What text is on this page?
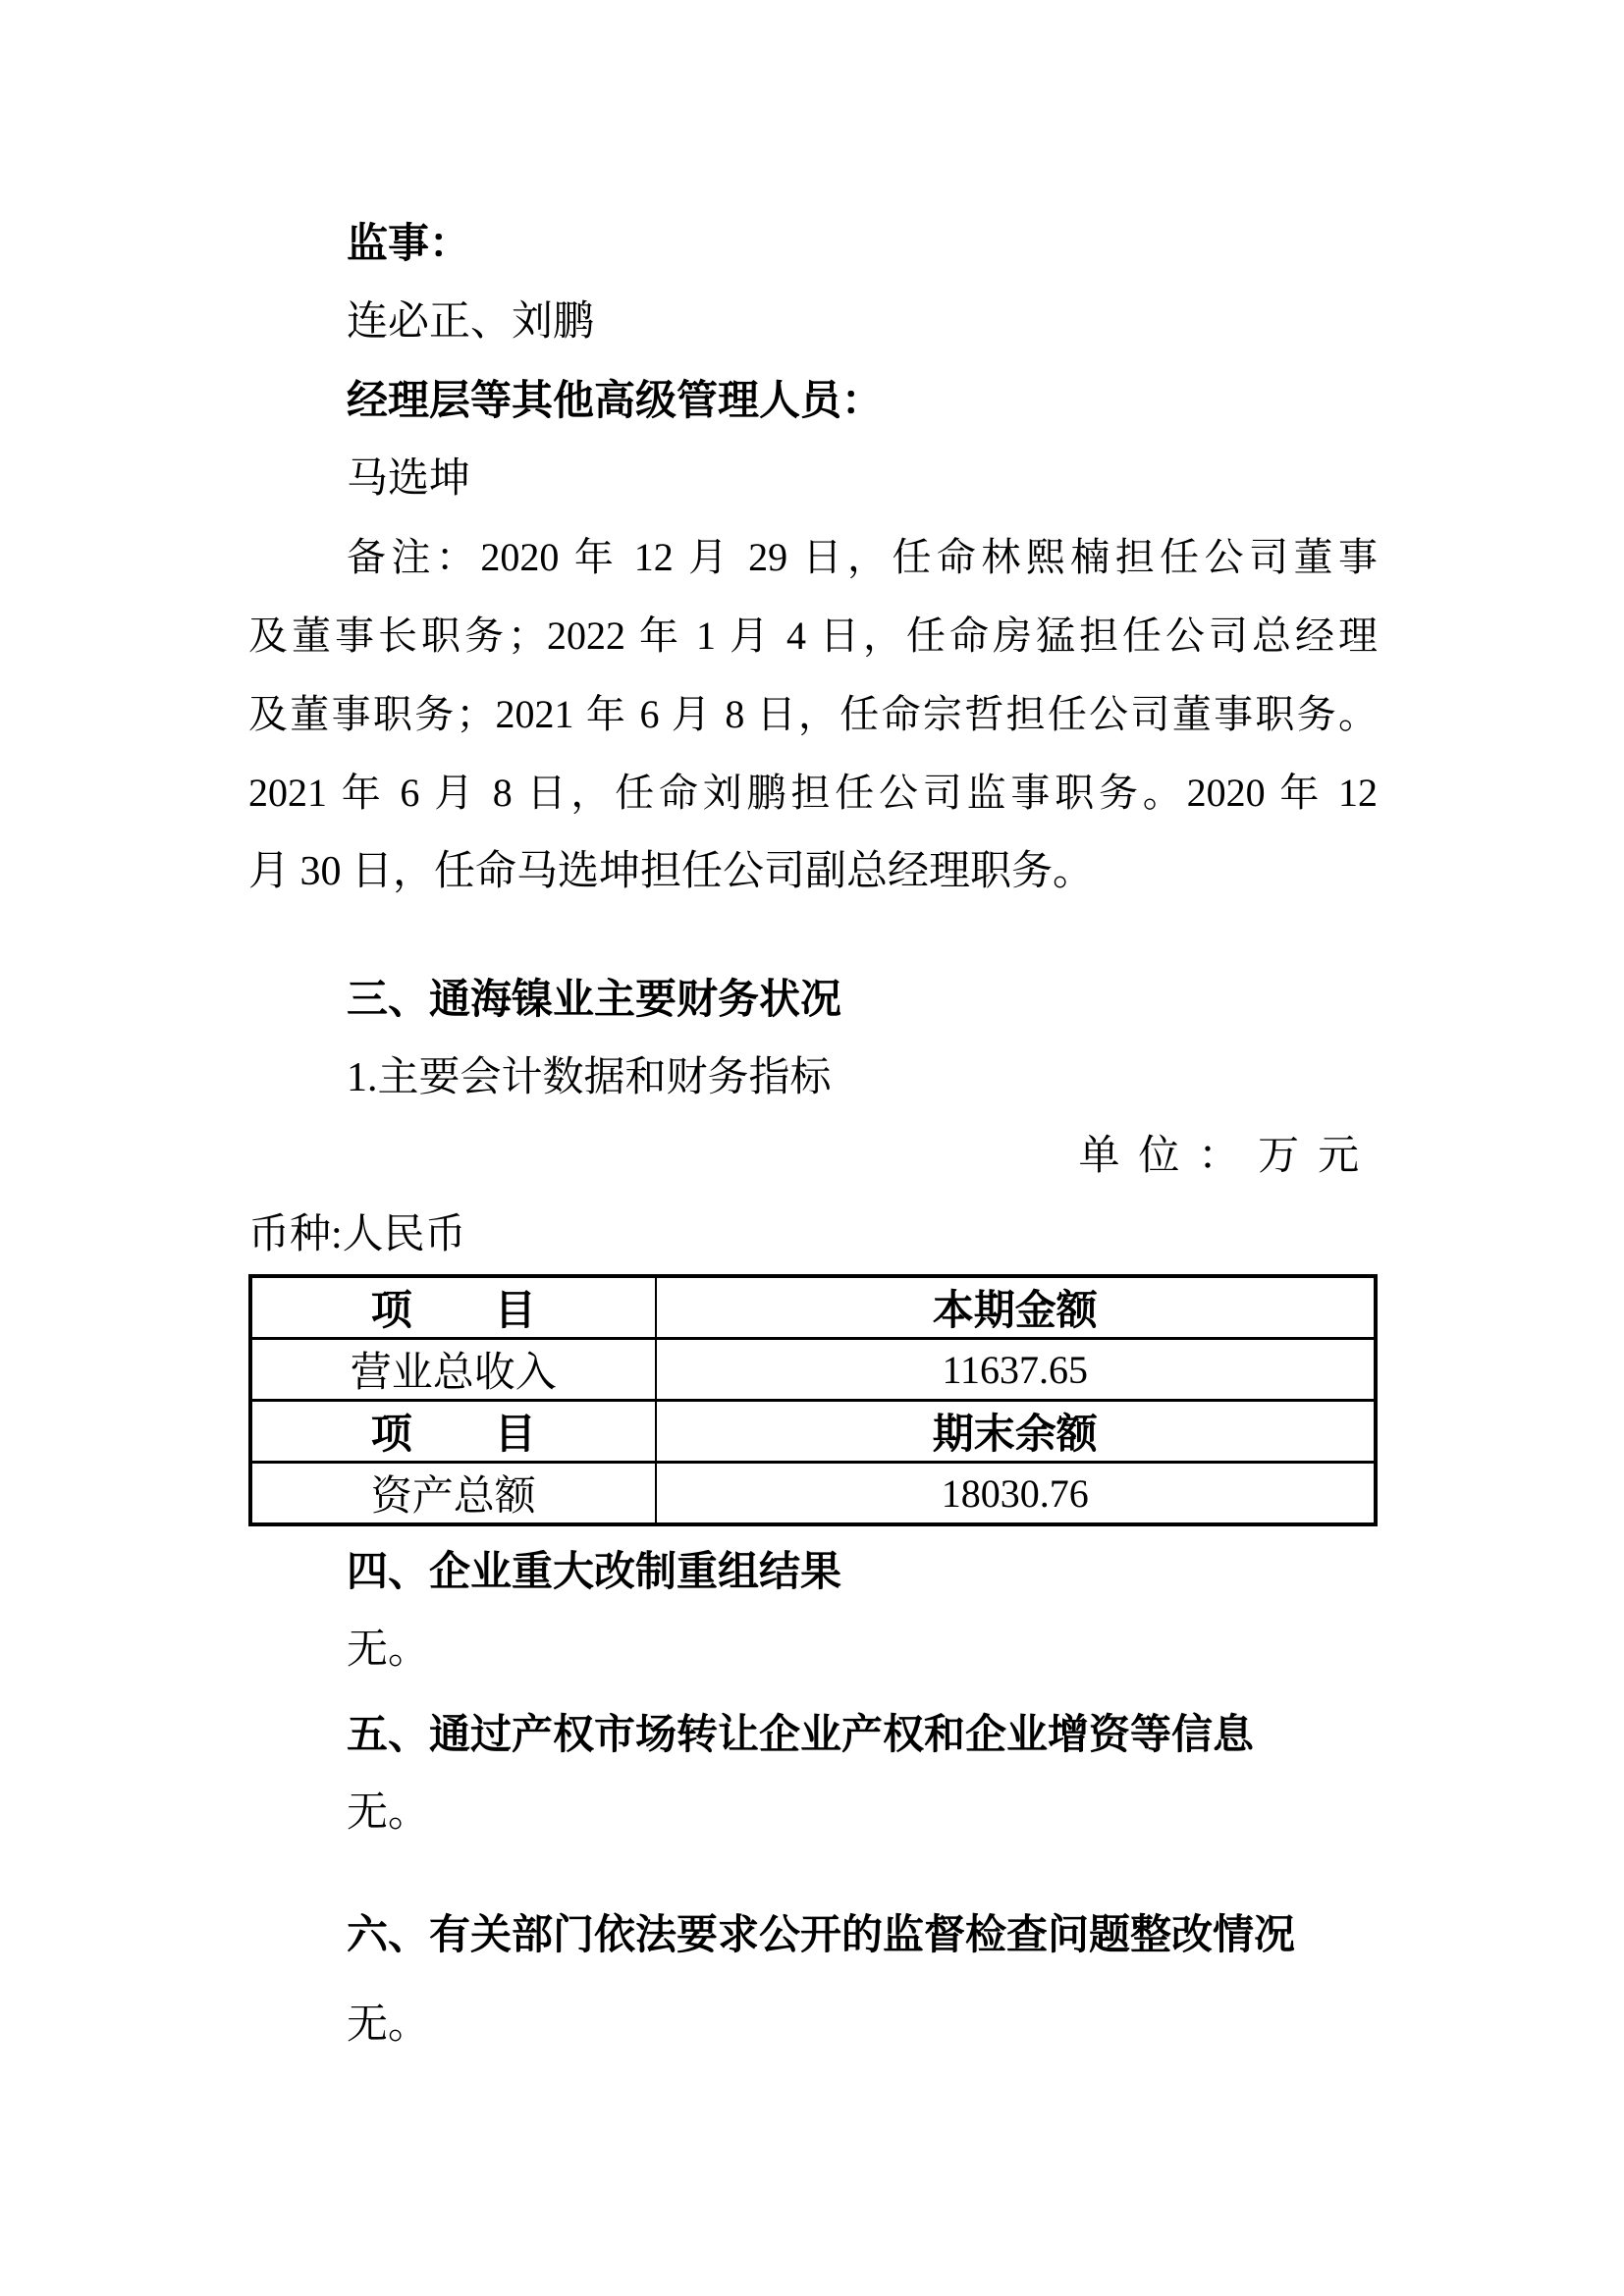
监事：
连必正、刘鹏
经理层等其他高级管理人员：
马选坤
备注：2020 年 12 月 29 日，任命林熙楠担任公司董事
及董事长职务；2022 年 1 月 4 日，任命房猛担任公司总经理
及董事职务；2021 年 6 月 8 日，任命宗哲担任公司董事职务。
2021 年 6 月 8 日，任命刘鹏担任公司监事职务。2020 年 12
月 30 日，任命马选坤担任公司副总经理职务。
三、通海镍业主要财务状况
1.主要会计数据和财务指标
单位：万元
币种:人民币
项　　目	本期金额
营业总收入	11637.65
项　　目	期末余额
资产总额	18030.76
四、企业重大改制重组结果
无。
五、通过产权市场转让企业产权和企业增资等信息
无。
六、有关部门依法要求公开的监督检查问题整改情况
无。
